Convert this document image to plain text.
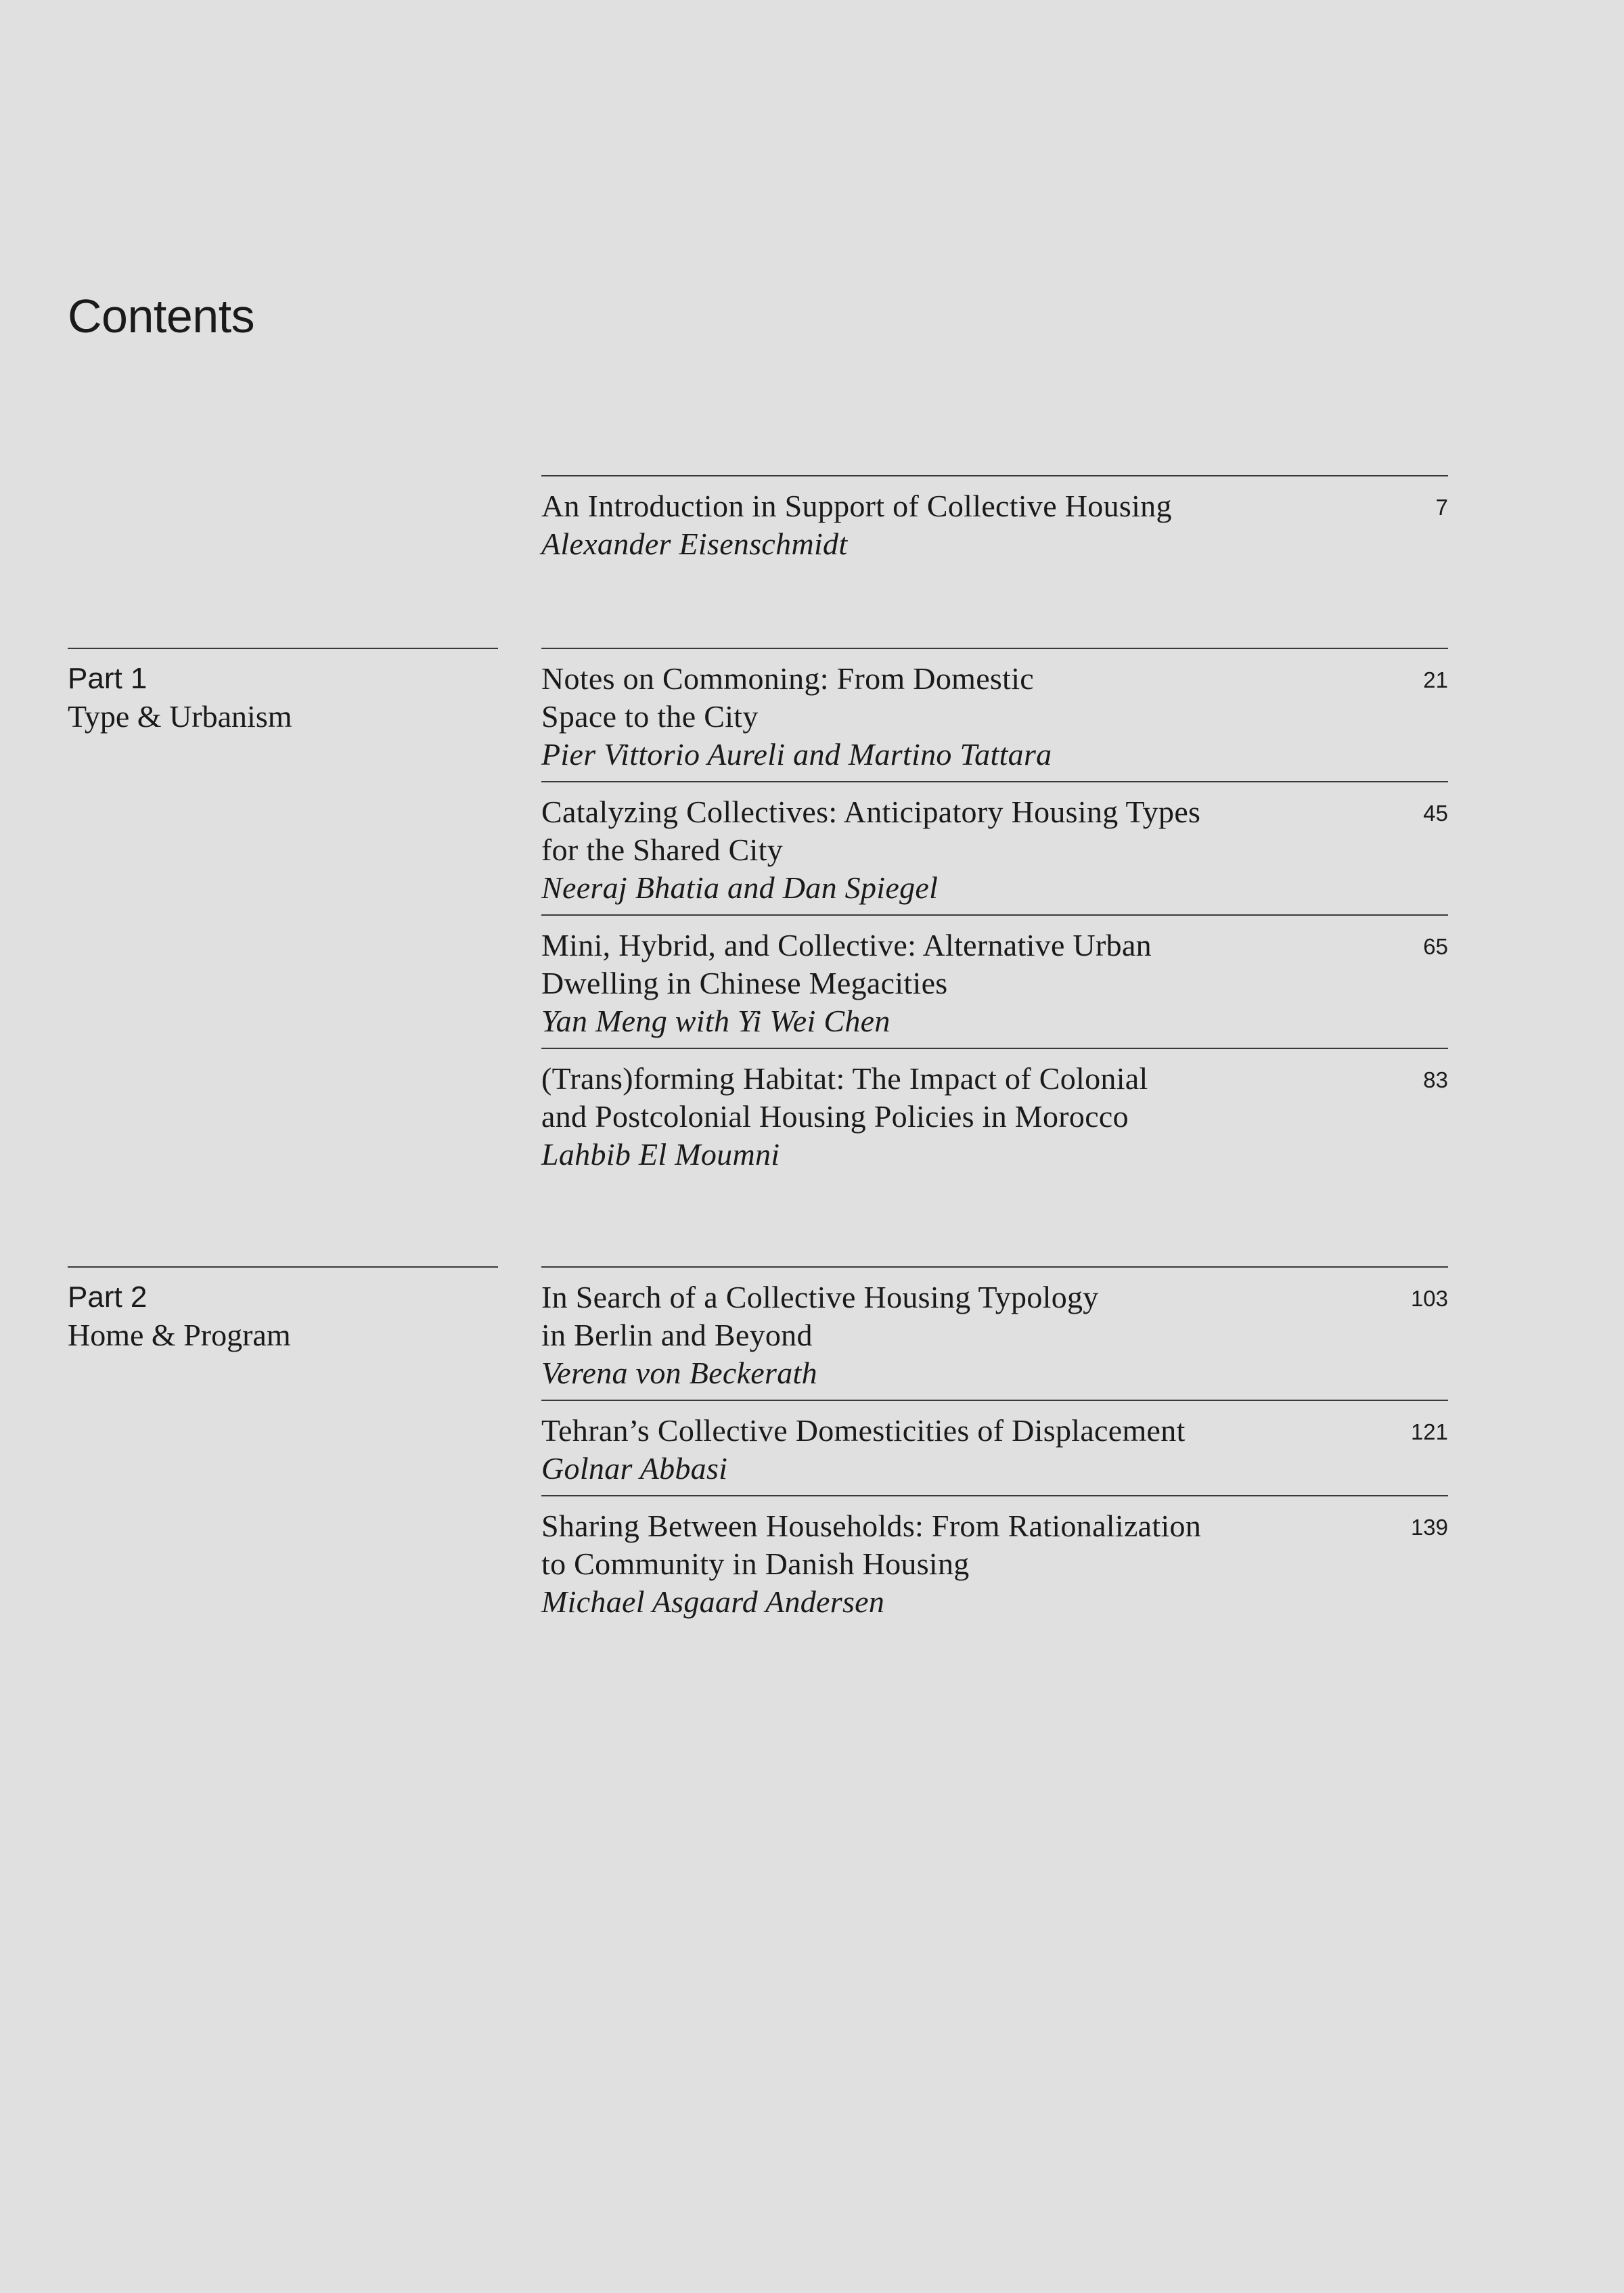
Contents
An Introduction in Support of Collective Housing
Alexander Eisenschmidt
7
Part 1
Type & Urbanism
Notes on Commoning: From Domestic
Space to the City
Pier Vittorio Aureli and Martino Tattara
21
Catalyzing Collectives: Anticipatory Housing Types
for the Shared City
Neeraj Bhatia and Dan Spiegel
45
Mini, Hybrid, and Collective: Alternative Urban
Dwelling in Chinese Megacities
Yan Meng with Yi Wei Chen
65
(Trans)forming Habitat: The Impact of Colonial
and Postcolonial Housing Policies in Morocco
Lahbib El Moumni
83
Part 2
Home & Program
In Search of a Collective Housing Typology
in Berlin and Beyond
Verena von Beckerath
103
Tehran’s Collective Domesticities of Displacement
Golnar Abbasi
121
Sharing Between Households: From Rationalization
to Community in Danish Housing
Michael Asgaard Andersen
139
